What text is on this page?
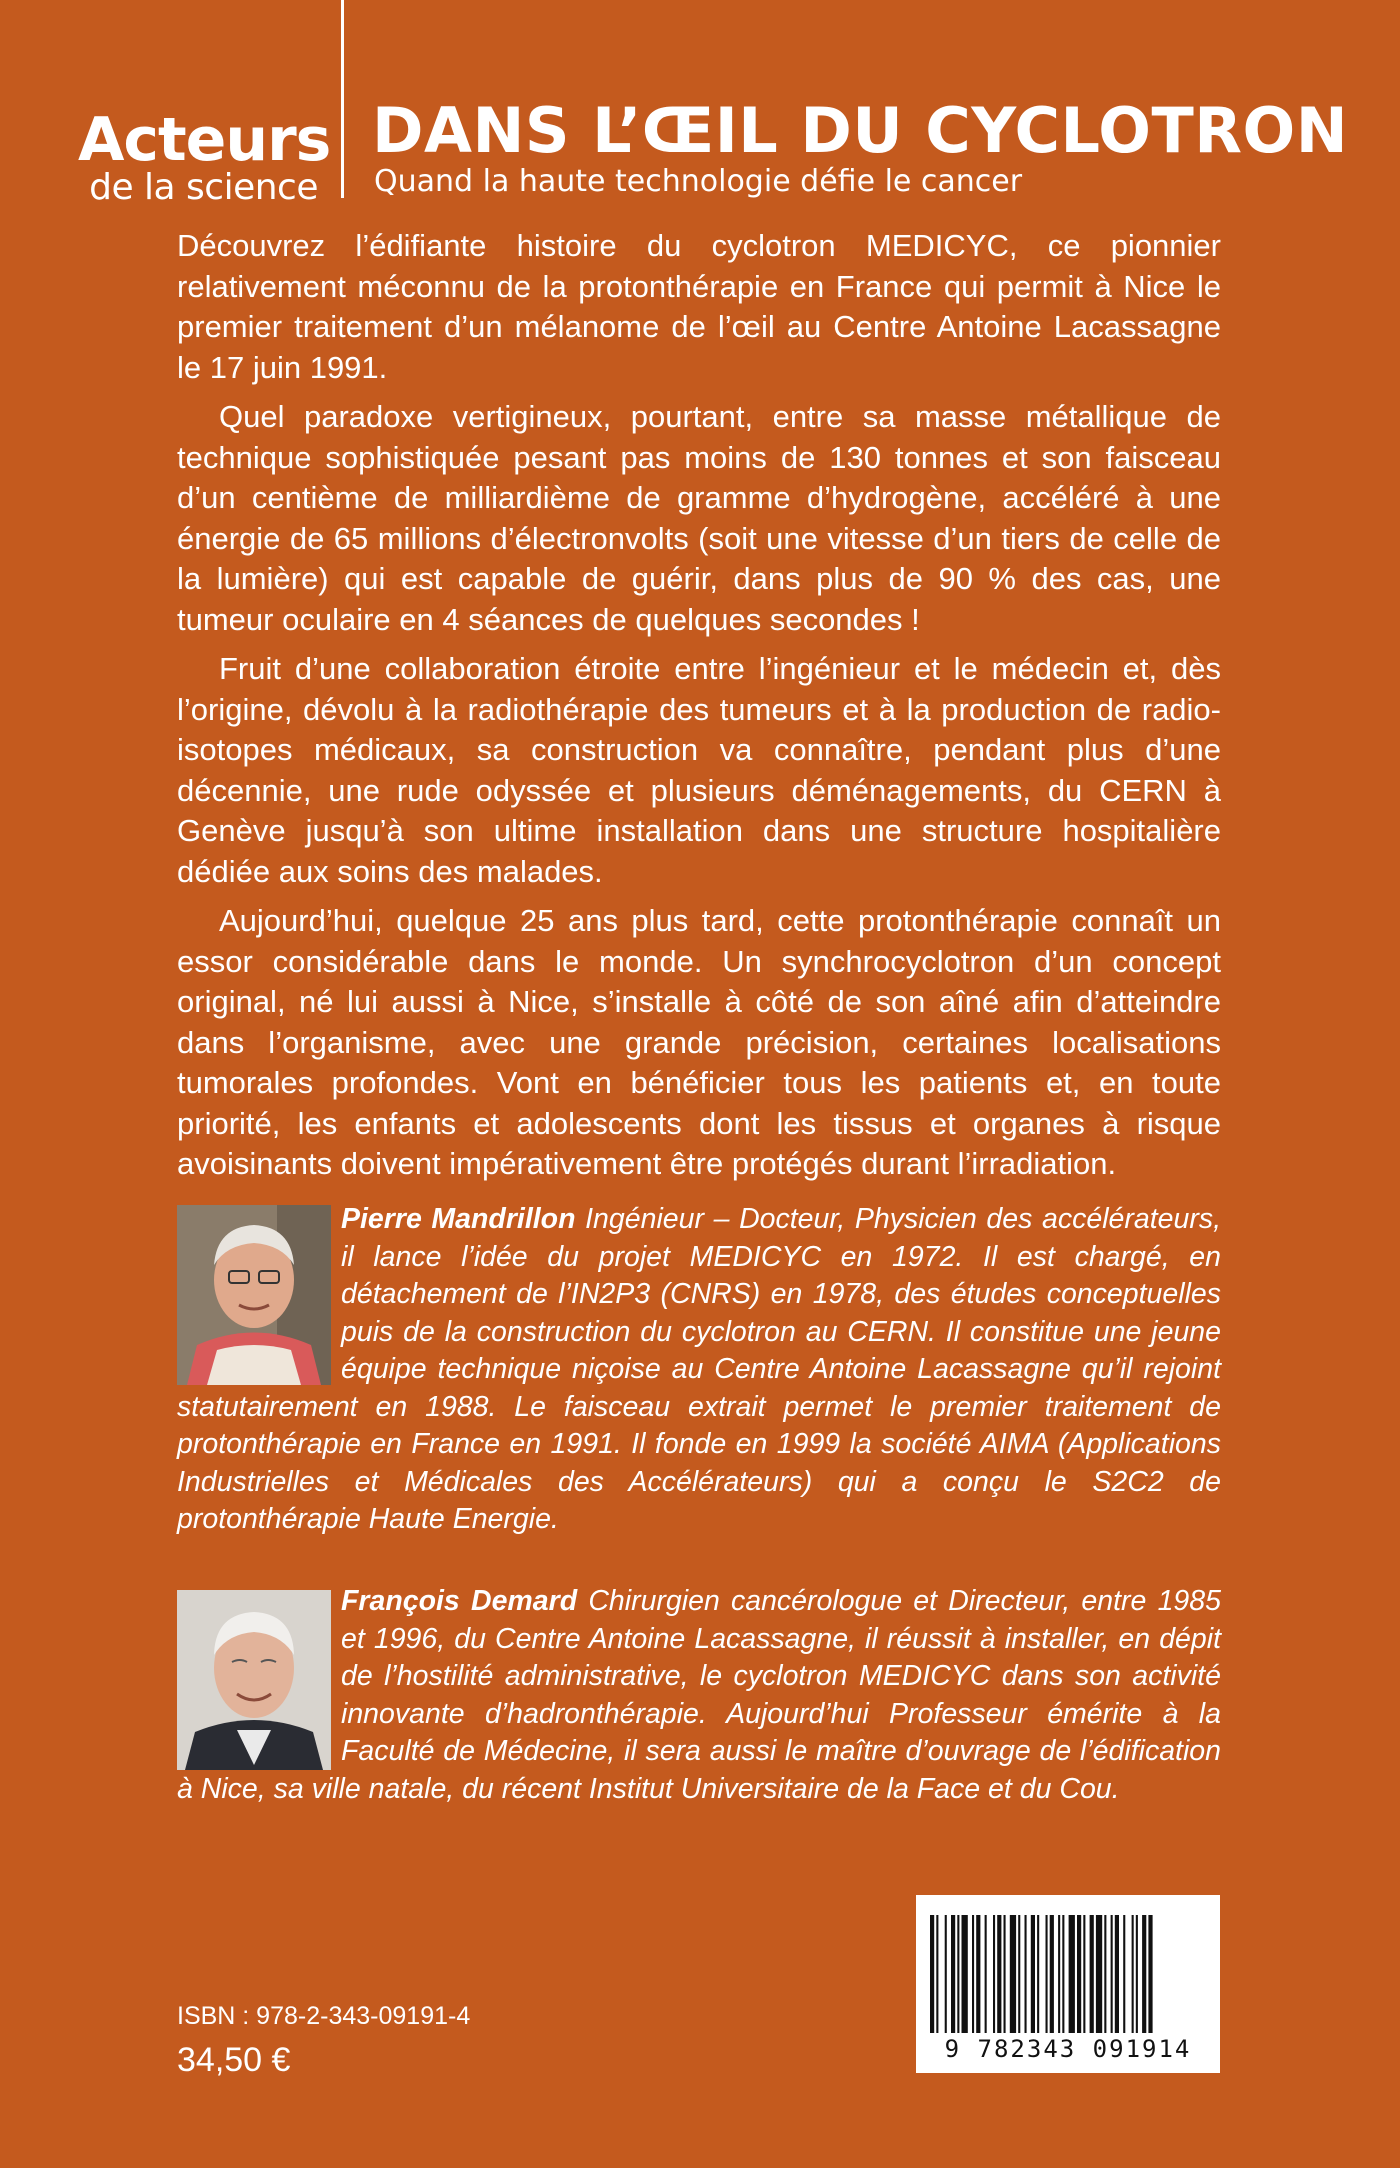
Acteurs
de la science
DANS L’ŒIL DU CYCLOTRON
Quand la haute technologie défie le cancer

Découvrez l’édifiante histoire du cyclotron MEDICYC, ce pionnier relativement méconnu de la protonthérapie en France qui permit à Nice le premier traitement d’un mélanome de l’œil au Centre Antoine Lacassagne le 17 juin 1991.

Quel paradoxe vertigineux, pourtant, entre sa masse métallique de technique sophistiquée pesant pas moins de 130 tonnes et son faisceau d’un centième de milliardième de gramme d’hydrogène, accéléré à une énergie de 65 millions d’électronvolts (soit une vitesse d’un tiers de celle de la lumière) qui est capable de guérir, dans plus de 90 % des cas, une tumeur oculaire en 4 séances de quelques secondes !

Fruit d’une collaboration étroite entre l’ingénieur et le médecin et, dès l’origine, dévolu à la radiothérapie des tumeurs et à la production de radio-isotopes médicaux, sa construction va connaître, pendant plus d’une décennie, une rude odyssée et plusieurs déménagements, du CERN à Genève jusqu’à son ultime installation dans une structure hospitalière dédiée aux soins des malades.

Aujourd’hui, quelque 25 ans plus tard, cette protonthérapie connaît un essor considérable dans le monde. Un synchrocyclotron d’un concept original, né lui aussi à Nice, s’installe à côté de son aîné afin d’atteindre dans l’organisme, avec une grande précision, certaines localisations tumorales profondes. Vont en bénéficier tous les patients et, en toute priorité, les enfants et adolescents dont les tissus et organes à risque avoisinants doivent impérativement être protégés durant l’irradiation.

Pierre Mandrillon Ingénieur – Docteur, Physicien des accélérateurs, il lance l’idée du projet MEDICYC en 1972. Il est chargé, en détachement de l’IN2P3 (CNRS) en 1978, des études conceptuelles puis de la construction du cyclotron au CERN. Il constitue une jeune équipe technique niçoise au Centre Antoine Lacassagne qu’il rejoint statutairement en 1988. Le faisceau extrait permet le premier traitement de protonthérapie en France en 1991. Il fonde en 1999 la société AIMA (Applications Industrielles et Médicales des Accélérateurs) qui a conçu le S2C2 de protonthérapie Haute Energie.
François Demard Chirurgien cancérologue et Directeur, entre 1985 et 1996, du Centre Antoine Lacassagne, il réussit à installer, en dépit de l’hostilité administrative, le cyclotron MEDICYC dans son activité innovante d’hadronthérapie. Aujourd’hui Professeur émérite à la Faculté de Médecine, il sera aussi le maître d’ouvrage de l’édification à Nice, sa ville natale, du récent Institut Universitaire de la Face et du Cou.
ISBN : 978-2-343-09191-4
34,50 €	9 782343 091914
